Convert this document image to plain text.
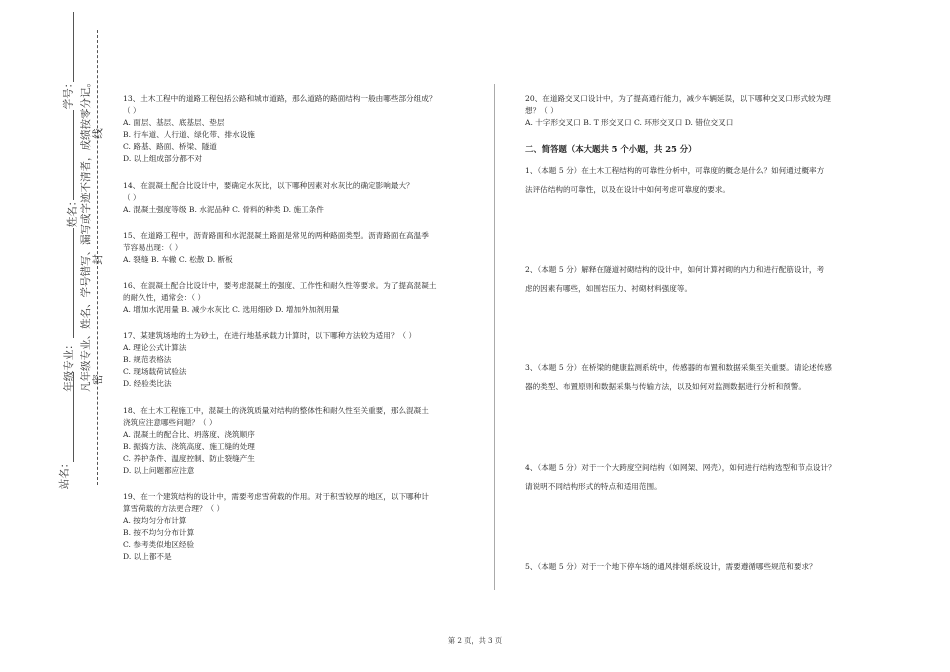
学号：
姓名：
年级专业：
站名：
凡年级专业、姓名、学号错写、漏写或字迹不清者，成绩按零分记。 线
封
密

13、土木工程中的道路工程包括公路和城市道路，那么道路的路面结构一般由哪些部分组成？

（ ）

A. 面层、基层、底基层、垫层

B. 行车道、人行道、绿化带、排水设施

C. 路基、路面、桥梁、隧道

D. 以上组成部分都不对

14、在混凝土配合比设计中，要确定水灰比，以下哪种因素对水灰比的确定影响最大？

（ ）

A. 混凝土强度等级 B. 水泥品种 C. 骨料的种类 D. 施工条件

15、在道路工程中，沥青路面和水泥混凝土路面是常见的两种路面类型。沥青路面在高温季

节容易出现：（ ）

A. 裂缝 B. 车辙 C. 松散 D. 断板

16、在混凝土配合比设计中，要考虑混凝土的强度、工作性和耐久性等要求。为了提高混凝土

的耐久性，通常会：（ ）

A. 增加水泥用量 B. 减少水灰比 C. 选用细砂 D. 增加外加剂用量

17、某建筑场地的土为砂土，在进行地基承载力计算时，以下哪种方法较为适用？（ ）

A. 理论公式计算法

B. 规范表格法

C. 现场载荷试验法

D. 经验类比法

18、在土木工程施工中，混凝土的浇筑质量对结构的整体性和耐久性至关重要，那么混凝土

浇筑应注意哪些问题？（ ）

A. 混凝土的配合比、坍落度、浇筑顺序

B. 振捣方法、浇筑高度、施工缝的处理

C. 养护条件、温度控制、防止裂缝产生

D. 以上问题都应注意

19、在一个建筑结构的设计中，需要考虑雪荷载的作用。对于积雪较厚的地区，以下哪种计

算雪荷载的方法更合理？（ ）

A. 按均匀分布计算

B. 按不均匀分布计算

C. 参考类似地区经验

D. 以上都不是

20、在道路交叉口设计中，为了提高通行能力，减少车辆延误，以下哪种交叉口形式较为理

想？（ ）

A. 十字形交叉口 B. T 形交叉口 C. 环形交叉口 D. 错位交叉口

二、简答题（本大题共 5 个小题，共 25 分）

1、（本题 5 分）在土木工程结构的可靠性分析中，可靠度的概念是什么？如何通过概率方

法评估结构的可靠性，以及在设计中如何考虑可靠度的要求。

2、（本题 5 分）解释在隧道衬砌结构的设计中，如何计算衬砌的内力和进行配筋设计，考

虑的因素有哪些，如围岩压力、衬砌材料强度等。

3、（本题 5 分）在桥梁的健康监测系统中，传感器的布置和数据采集至关重要。请论述传感

器的类型、布置原则和数据采集与传输方法，以及如何对监测数据进行分析和预警。

4、（本题 5 分）对于一个大跨度空间结构（如网架、网壳），如何进行结构选型和节点设计？

请说明不同结构形式的特点和适用范围。

5、（本题 5 分）对于一个地下停车场的通风排烟系统设计，需要遵循哪些规范和要求？

第 2 页，共 3 页
